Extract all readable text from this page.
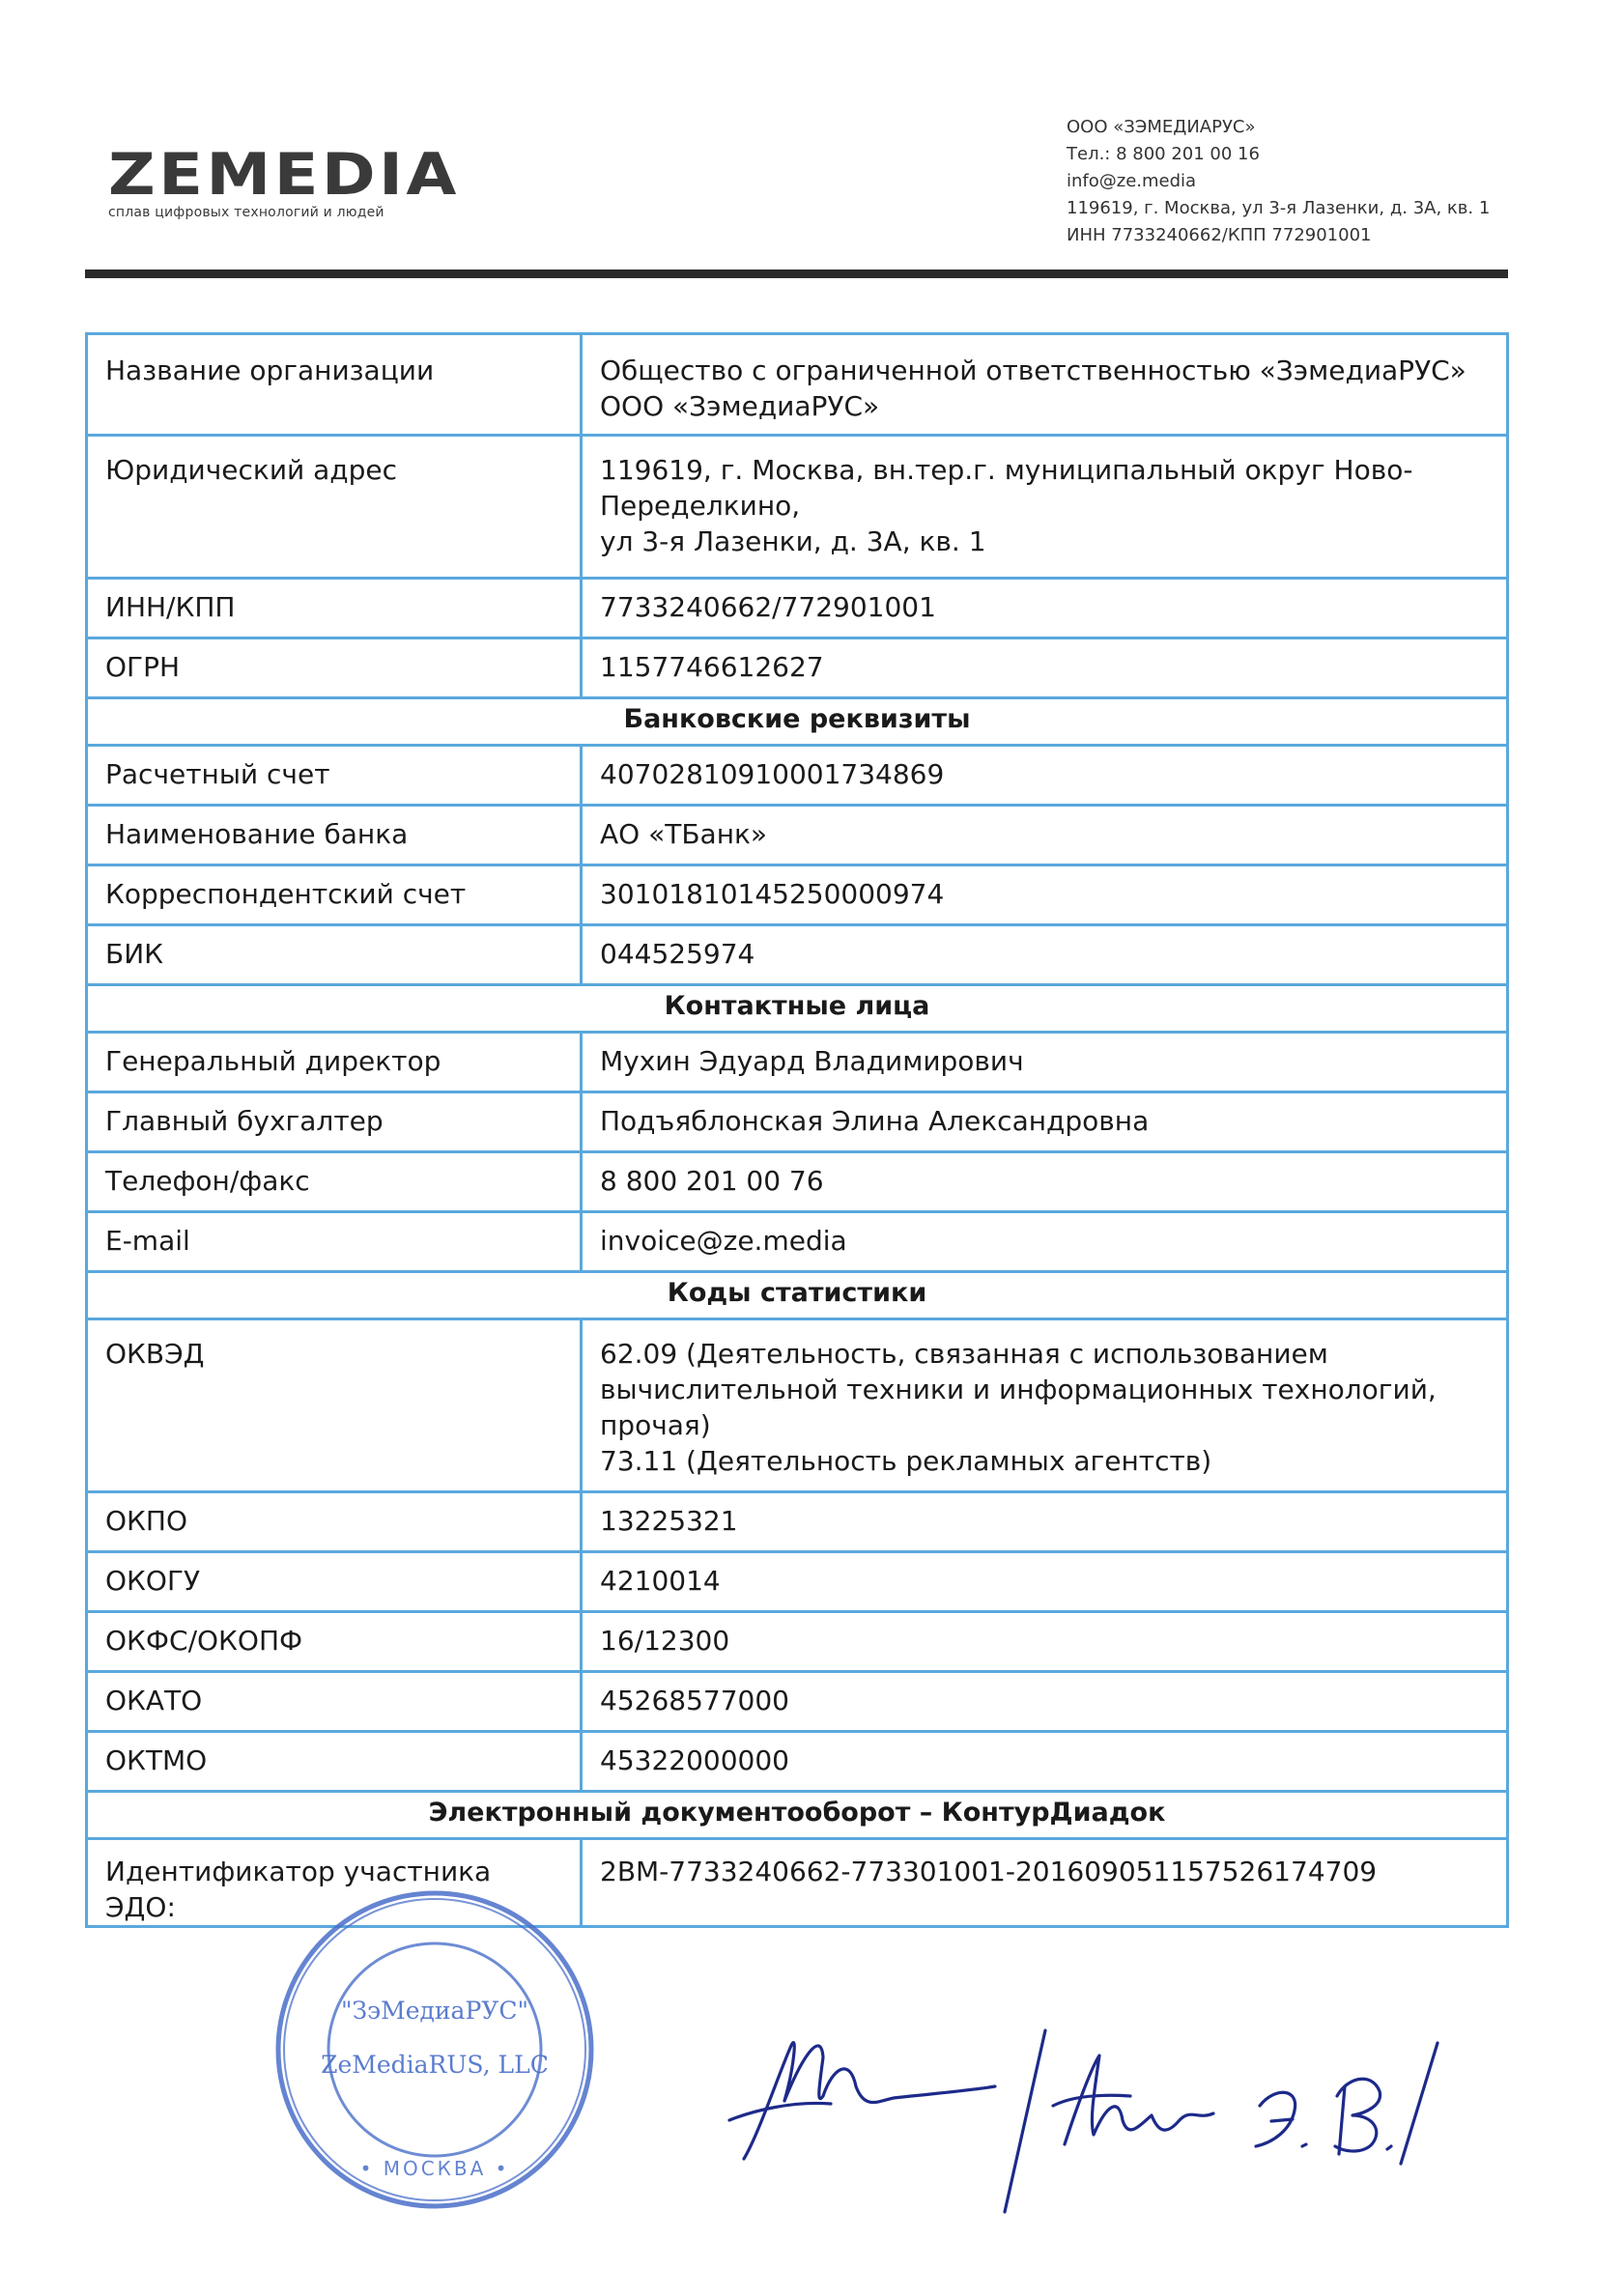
ZEMEDIA
сплав цифровых технологий и людей
ООО «ЗЭМЕДИАРУС»
Тел.: 8 800 201 00 16
info@ze.media
119619, г. Москва, ул 3-я Лазенки, д. 3А, кв. 1
ИНН 7733240662/КПП 772901001
Название организации	Общество с ограниченной ответственностью «ЗэмедиаРУС»
ООО «ЗэмедиаРУС»

Юридический адрес	119619, г. Москва, вн.тер.г. муниципальный округ Ново-
Переделкино,
ул 3-я Лазенки, д. 3А, кв. 1

ИНН/КПП	7733240662/772901001
ОГРН	1157746612627
Банковские реквизиты	
Расчетный счет	40702810910001734869
Наименование банка	АО «ТБанк»
Корреспондентский счет	30101810145250000974
БИК	044525974
Контактные лица	
Генеральный директор	Мухин Эдуард Владимирович
Главный бухгалтер	Подъяблонская Элина Александровна
Телефон/факс	8 800 201 00 76
E-mail	invoice@ze.media
Коды статистики	
ОКВЭД	62.09 (Деятельность, связанная с использованием
вычислительной техники и информационных технологий,
прочая)
73.11 (Деятельность рекламных агентств)

ОКПО	13225321
ОКОГУ	4210014
ОКФС/ОКОПФ	16/12300
ОКАТО	45268577000
ОКТМО	45322000000
Электронный документооборот – КонтурДиадок	
Идентификатор участника ЭДО:	2BM-7733240662-773301001-201609051157526174709
• МОСКВА •
"ЗэМедиаРУС"
ZeMediaRUS, LLC
Мухин Э. В.
